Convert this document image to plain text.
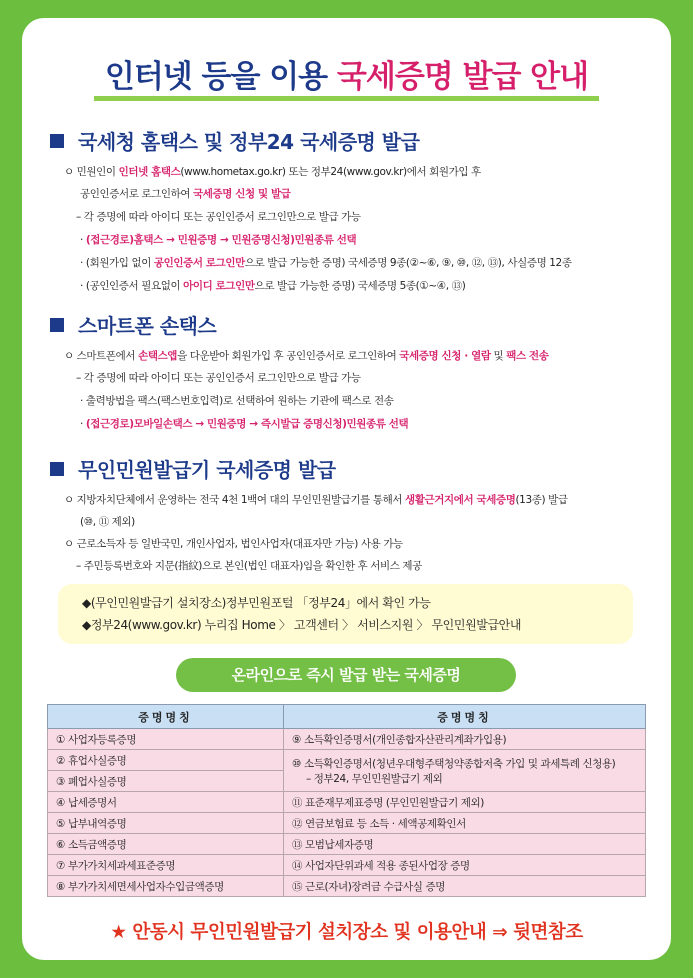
인터넷 등을 이용 국세증명 발급 안내
국세청 홈택스 및 정부24 국세증명 발급
ㅇ 민원인이 인터넷 홈택스(www.hometax.go.kr) 또는 정부24(www.gov.kr)에서 회원가입 후
공인인증서로 로그인하여 국세증명 신청 및 발급
– 각 증명에 따라 아이디 또는 공인인증서 로그인만으로 발급 가능
· (접근경로)홈택스 → 민원증명 → 민원증명신청)민원종류 선택
· (회원가입 없이 공인인증서 로그인만으로 발급 가능한 증명) 국세증명 9종(②~⑥, ⑨, ⑩, ⑫, ⑬), 사실증명 12종
· (공인인증서 필요없이 아이디 로그인만으로 발급 가능한 증명) 국세증명 5종(①~④, ⑬)
스마트폰 손택스
ㅇ 스마트폰에서 손택스앱을 다운받아 회원가입 후 공인인증서로 로그인하여 국세증명 신청 · 열람 및 팩스 전송
– 각 증명에 따라 아이디 또는 공인인증서 로그인만으로 발급 가능
· 출력방법을 팩스(팩스번호입력)로 선택하여 원하는 기관에 팩스로 전송
· (접근경로)모바일손택스 → 민원증명 → 즉시발급 증명신청)민원종류 선택
무인민원발급기 국세증명 발급
ㅇ 지방자치단체에서 운영하는 전국 4천 1백여 대의 무인민원발급기를 통해서 생활근거지에서 국세증명(13종) 발급
(⑩, ⑪ 제외)
ㅇ 근로소득자 등 일반국민, 개인사업자, 법인사업자(대표자만 가능) 사용 가능
– 주민등록번호와 지문(指紋)으로 본인(법인 대표자)임을 확인한 후 서비스 제공
◆(무인민원발급기 설치장소)정부민원포털 「정부24」에서 확인 가능
◆정부24(www.gov.kr) 누리집 Home 〉 고객센터 〉 서비스지원 〉 무인민원발급안내
온라인으로 즉시 발급 받는 국세증명
증명명칭	증명명칭
① 사업자등록증명	⑨ 소득확인증명서(개인종합자산관리계좌가입용)
② 휴업사실증명	⑩ 소득확인증명서(청년우대형주택청약종합저축 가입 및 과세특례 신청용)
– 정부24, 무인민원발급기 제외

③ 폐업사실증명	
④ 납세증명서	⑪ 표준재무제표증명 (무인민원발급기 제외)
⑤ 납부내역증명	⑫ 연금보험료 등 소득 · 세액공제확인서
⑥ 소득금액증명	⑬ 모범납세자증명
⑦ 부가가치세과세표준증명	⑭ 사업자단위과세 적용 종된사업장 증명
⑧ 부가가치세면세사업자수입금액증명	⑮ 근로(자녀)장려금 수급사실 증명
★ 안동시 무인민원발급기 설치장소 및 이용안내 ⇒ 뒷면참조
